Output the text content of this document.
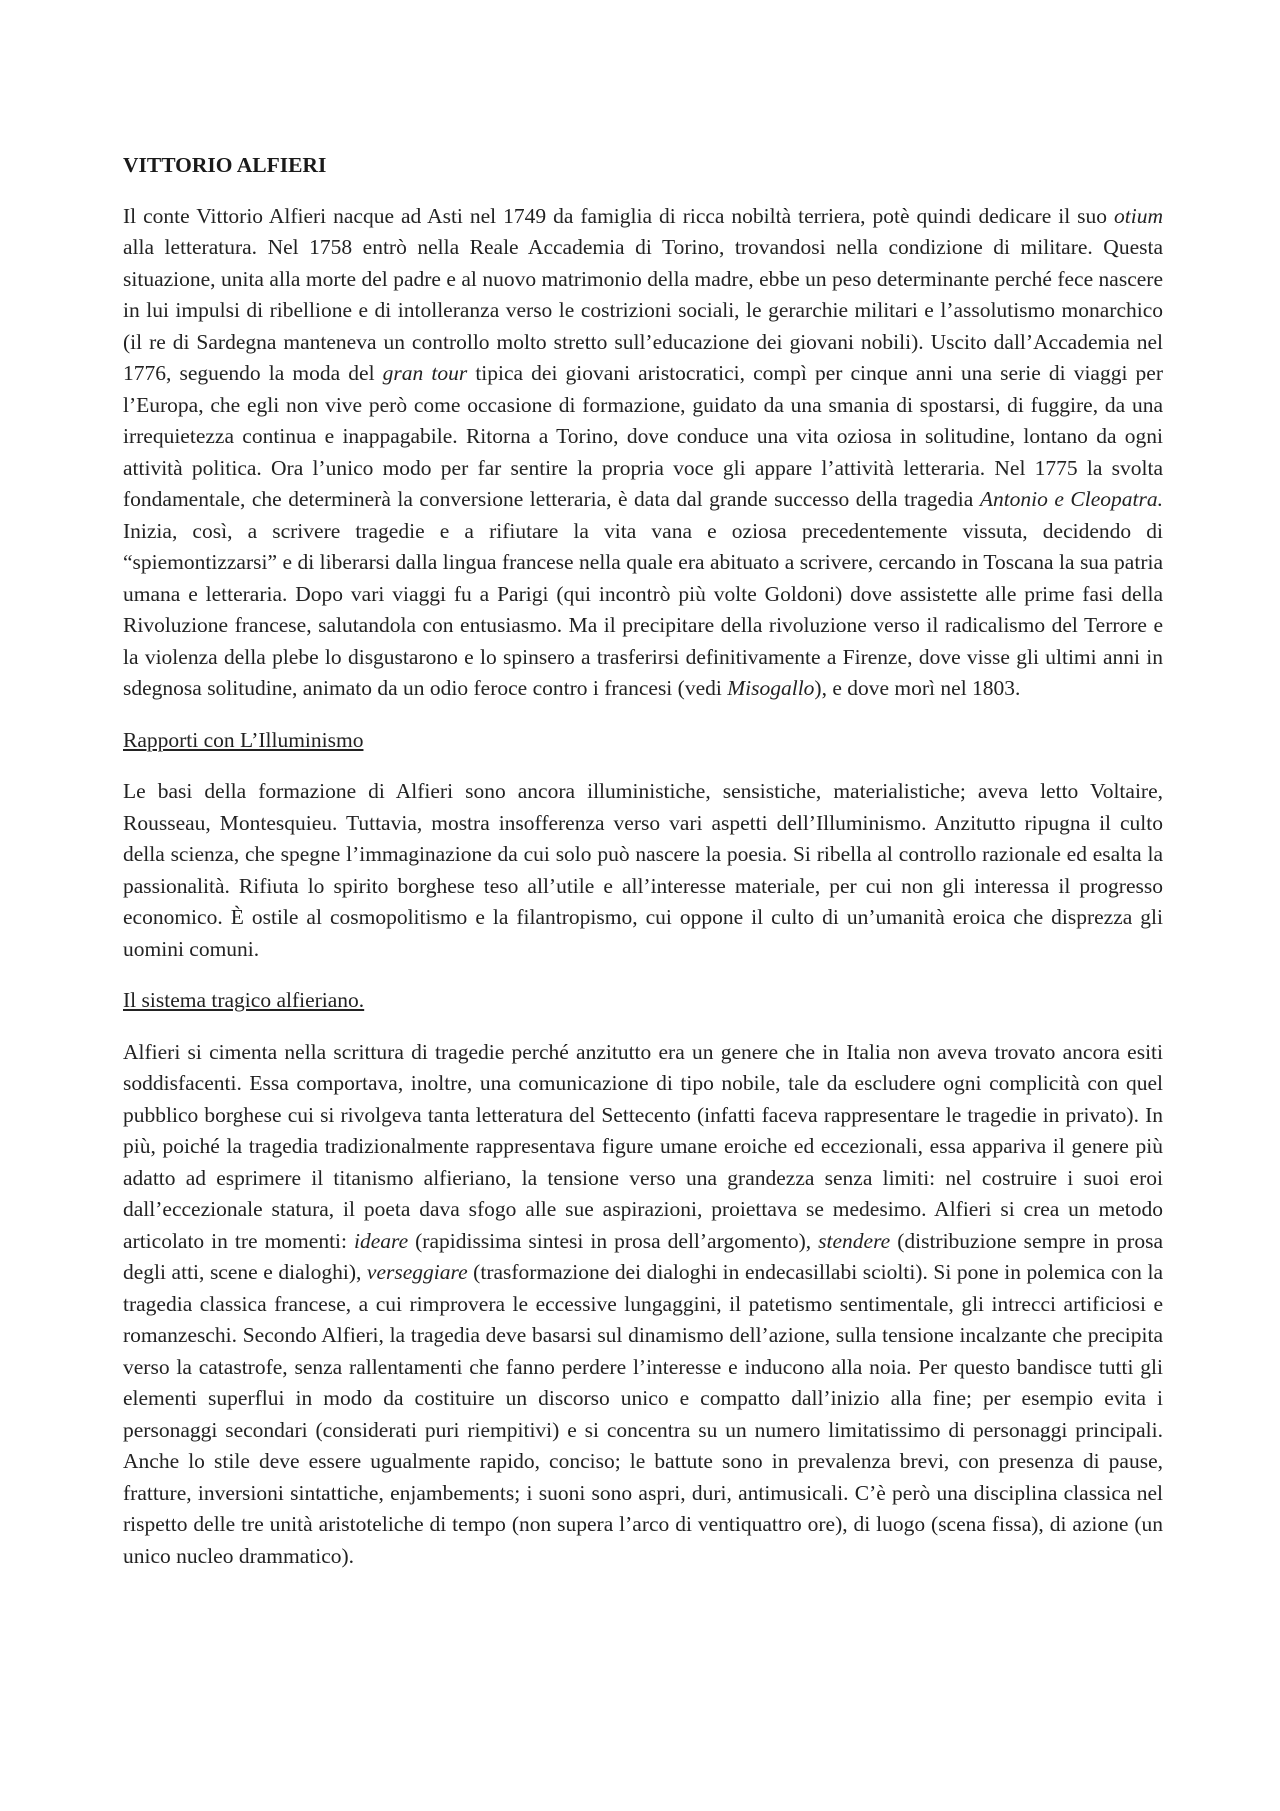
VITTORIO ALFIERI

Il conte Vittorio Alfieri nacque ad Asti nel 1749 da famiglia di ricca nobiltà terriera, potè quindi dedicare il suo otium alla letteratura. Nel 1758 entrò nella Reale Accademia di Torino, trovandosi nella condizione di militare. Questa situazione, unita alla morte del padre e al nuovo matrimonio della madre, ebbe un peso determinante perché fece nascere in lui impulsi di ribellione e di intolleranza verso le costrizioni sociali, le gerarchie militari e l’assolutismo monarchico (il re di Sardegna manteneva un controllo molto stretto sull’educazione dei giovani nobili). Uscito dall’Accademia nel 1776, seguendo la moda del gran tour tipica dei giovani aristocratici, compì per cinque anni una serie di viaggi per l’Europa, che egli non vive però come occasione di formazione, guidato da una smania di spostarsi, di fuggire, da una irrequietezza continua e inappagabile. Ritorna a Torino, dove conduce una vita oziosa in solitudine, lontano da ogni attività politica. Ora l’unico modo per far sentire la propria voce gli appare l’attività letteraria. Nel 1775 la svolta fondamentale, che determinerà la conversione letteraria, è data dal grande successo della tragedia Antonio e Cleopatra. Inizia, così, a scrivere tragedie e a rifiutare la vita vana e oziosa precedentemente vissuta, decidendo di “spiemontizzarsi” e di liberarsi dalla lingua francese nella quale era abituato a scrivere, cercando in Toscana la sua patria umana e letteraria. Dopo vari viaggi fu a Parigi (qui incontrò più volte Goldoni) dove assistette alle prime fasi della Rivoluzione francese, salutandola con entusiasmo. Ma il precipitare della rivoluzione verso il radicalismo del Terrore e la violenza della plebe lo disgustarono e lo spinsero a trasferirsi definitivamente a Firenze, dove visse gli ultimi anni in sdegnosa solitudine, animato da un odio feroce contro i francesi (vedi Misogallo), e dove morì nel 1803.

Rapporti con L’Illuminismo

Le basi della formazione di Alfieri sono ancora illuministiche, sensistiche, materialistiche; aveva letto Voltaire, Rousseau, Montesquieu. Tuttavia, mostra insofferenza verso vari aspetti dell’Illuminismo. Anzitutto ripugna il culto della scienza, che spegne l’immaginazione da cui solo può nascere la poesia. Si ribella al controllo razionale ed esalta la passionalità. Rifiuta lo spirito borghese teso all’utile e all’interesse materiale, per cui non gli interessa il progresso economico. È ostile al cosmopolitismo e la filantropismo, cui oppone il culto di un’umanità eroica che disprezza gli uomini comuni.

Il sistema tragico alfieriano.

Alfieri si cimenta nella scrittura di tragedie perché anzitutto era un genere che in Italia non aveva trovato ancora esiti soddisfacenti. Essa comportava, inoltre, una comunicazione di tipo nobile, tale da escludere ogni complicità con quel pubblico borghese cui si rivolgeva tanta letteratura del Settecento (infatti faceva rappresentare le tragedie in privato). In più, poiché la tragedia tradizionalmente rappresentava figure umane eroiche ed eccezionali, essa appariva il genere più adatto ad esprimere il titanismo alfieriano, la tensione verso una grandezza senza limiti: nel costruire i suoi eroi dall’eccezionale statura, il poeta dava sfogo alle sue aspirazioni, proiettava se medesimo. Alfieri si crea un metodo articolato in tre momenti: ideare (rapidissima sintesi in prosa dell’argomento), stendere (distribuzione sempre in prosa degli atti, scene e dialoghi), verseggiare (trasformazione dei dialoghi in endecasillabi sciolti). Si pone in polemica con la tragedia classica francese, a cui rimprovera le eccessive lungaggini, il patetismo sentimentale, gli intrecci artificiosi e romanzeschi. Secondo Alfieri, la tragedia deve basarsi sul dinamismo dell’azione, sulla tensione incalzante che precipita verso la catastrofe, senza rallentamenti che fanno perdere l’interesse e inducono alla noia. Per questo bandisce tutti gli elementi superflui in modo da costituire un discorso unico e compatto dall’inizio alla fine; per esempio evita i personaggi secondari (considerati puri riempitivi) e si concentra su un numero limitatissimo di personaggi principali. Anche lo stile deve essere ugualmente rapido, conciso; le battute sono in prevalenza brevi, con presenza di pause, fratture, inversioni sintattiche, enjambements; i suoni sono aspri, duri, antimusicali. C’è però una disciplina classica nel rispetto delle tre unità aristoteliche di tempo (non supera l’arco di ventiquattro ore), di luogo (scena fissa), di azione (un unico nucleo drammatico).
